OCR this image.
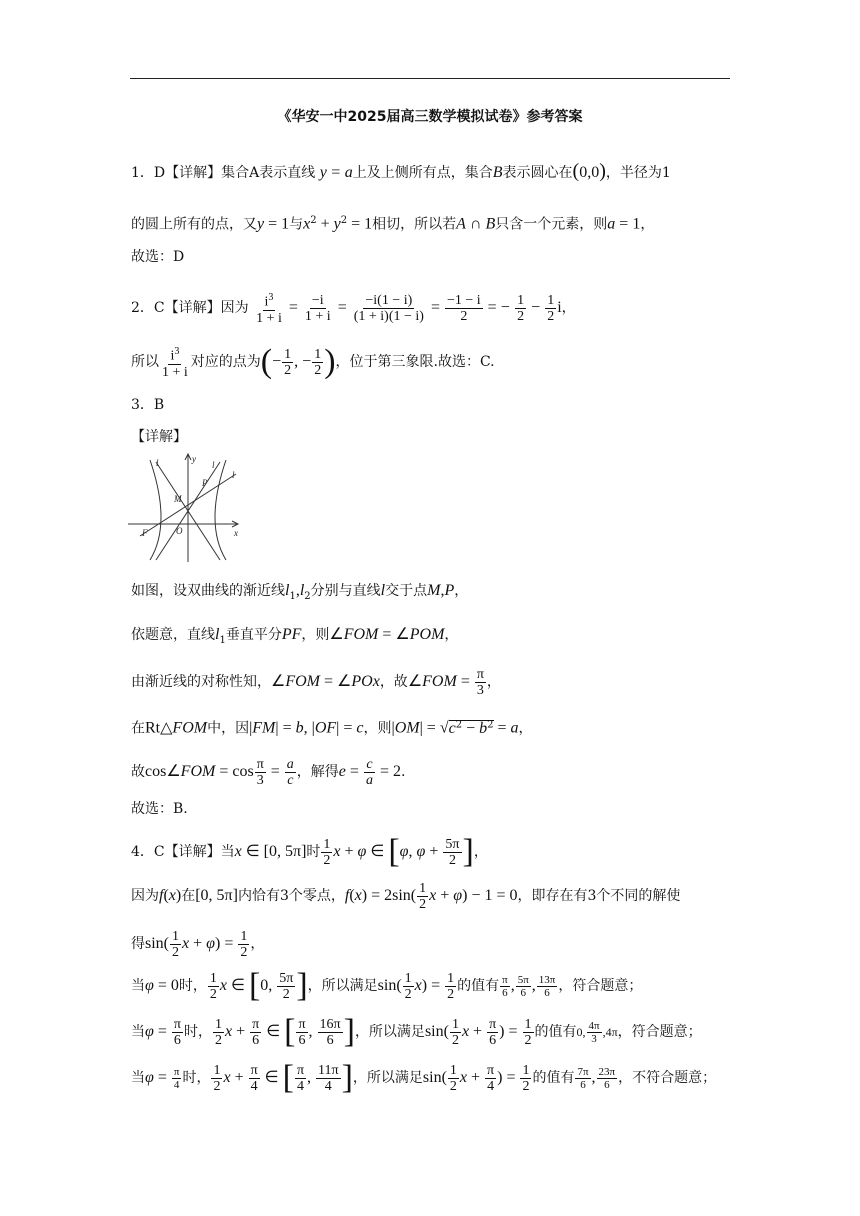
《华安一中2025届高三数学模拟试卷》参考答案
1．D【详解】集合A表示直线 y = a上及上侧所有点，集合B表示圆心在(0,0)，半径为1
的圆上所有的点，又y = 1与$x^2 + y^2 = 1$相切，所以若A ∩ B只含一个元素，则a = 1，
故选：D
2．C【详解】因为 $\frac{i^3}{1 + i} = \frac{-i}{1 + i} = \frac{-i(1 - i)}{(1 + i)(1 - i)} = \frac{-1 - i}{2}$ = − $\frac{1}{2} - \frac{1}{2}$ i，
所以 $\frac{i^3}{1 + i}$ 对应的点为(− $\frac{1}{2}$ , − $\frac{1}{2}$ )，位于第三象限.故选：C.
3．B
【详解】
y
x
O
F
M
P
l	l
l
如图，设双曲线的渐近线$l_1,l_2$分别与直线l交于点M,P，
依题意，直线$l_1$垂直平分PF，则∠FOM = ∠POM，
由渐近线的对称性知，∠FOM = ∠POx，故∠FOM = $\frac{\pi}{3}$ ，
在Rt△FOM中，因|FM| = b, |OF| = c，则$|OM| = √c^2 - b^2 = a$，
故cos∠FOM = $\cos \frac{\pi}{3} = \frac{a}{c}$ ，解得$e = \frac{c}{a} = 2$.
故选：B.
4．C【详解】当x ∈ [0, 5π]时 $\frac{1}{2}$ x + φ ∈ [φ, $\varphi + \frac{5\pi}{2}$ ]，
因为f(x)在[0, 5π]内恰有3个零点，$f(x) = 2\sin( \frac{1}{2}$ x + φ) − 1 = 0，即存在有3个不同的解使
得$\sin( \frac{1}{2}$ $x + \varphi) = \frac{1}{2}$ ，
当φ = 0时， $\frac{1}{2}$ x ∈ [0, $\frac{5\pi}{2}$ ]，所以满足$\sin( \frac{1}{2} x) = \frac{1}{2}$ 的值有 $\frac{\pi}{6}$ , $\frac{5\pi}{6}$ , $\frac{13\pi}{6}$ ，符合题意；
当$\varphi = \frac{\pi}{6}$ 时， $\frac{1}{2}$ $x + \frac{\pi}{6}$ ∈ [ $\frac{\pi}{6}$ , $\frac{16\pi}{6}$ ]，所以满足$\sin( \frac{1}{2}$ $x + \frac{\pi}{6}$ ) = $\frac{1}{2}$ 的值有0, $\frac{4\pi}{3} ,4\pi$，符合题意；
当$\varphi = \frac{\pi}{4}$ 时， $\frac{1}{2}$ $x + \frac{\pi}{4}$ ∈ [ $\frac{\pi}{4}$ , $\frac{11\pi}{4}$ ]，所以满足$\sin( \frac{1}{2}$ $x + \frac{\pi}{4}$ ) = $\frac{1}{2}$ 的值有 $\frac{7\pi}{6}$ , $\frac{23\pi}{6}$ ，不符合题意；
